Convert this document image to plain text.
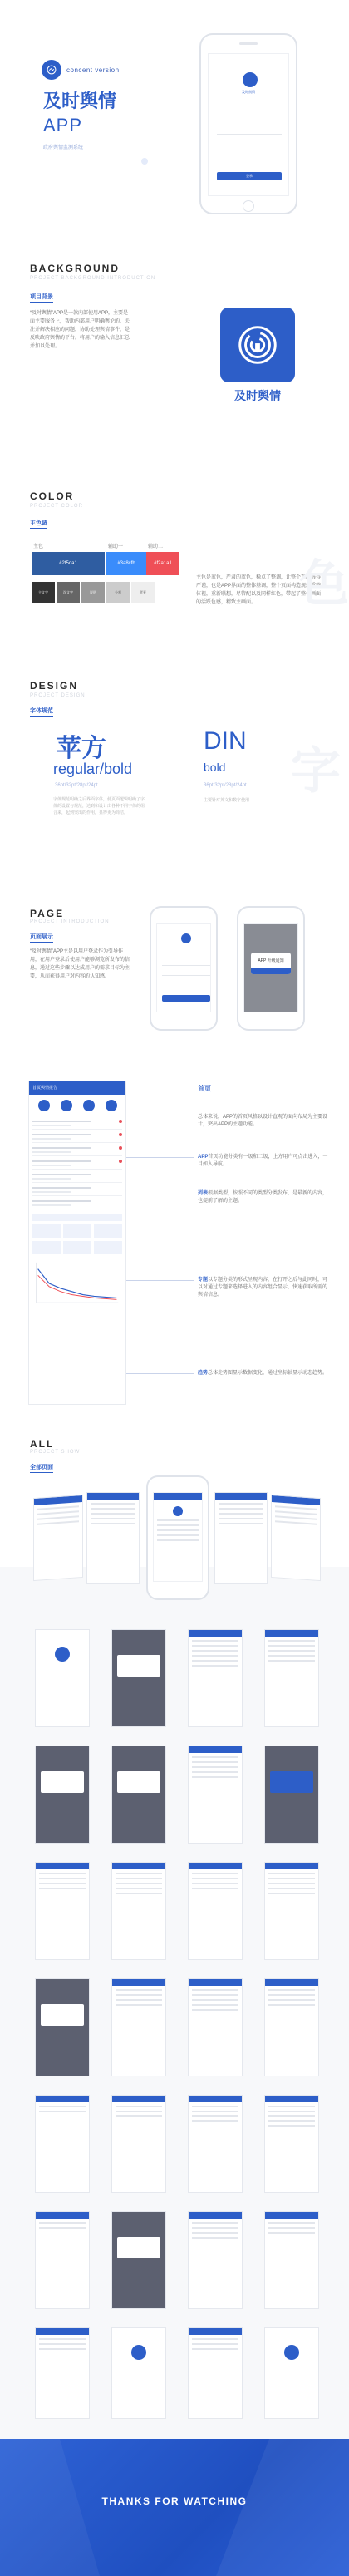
concent version
及时舆情
APP
政府舆情监测系统
及时舆情
登录
BACKGROUND
PROJECT BACKGROUND INTRODUCTION
项目背景
“及时舆情”APP是一款内部使用APP，主要是面主要服务上，帮助内部用户明确舆论的，关注并解决相应的问题，协助处理舆情事件，是反映政府舆情的平台。将用户的输入信息汇总并加以处理。
及时舆情
COLOR
PROJECT COLOR
主色调
主色	辅助一	辅助二
#2f5da1	#3a8cfb	#f2a1a1
主文字	次文字	说明	分割	背景
主色是蓝色，严肃的蓝色，稳点了整调，让整个页面透得严谨，也是APP界面的整体基调，整个页面构造规范重整体视，重新联想，尽管配以及同样红色，带起了整体画面的活跃色感，精致主画面。 色
DESIGN
PROJECT DESIGN
字体规范
苹方
regular/bold
36pt/32pt/28pt/24pt
字体规范明确之后界面字体，使页面逻辑明确了字体的设置与规范，达到和设计出各种不同字体的组合来，起到突出的作用，显得更为简洁。
DIN
bold
36pt/32pt/28pt/24pt
主要针对英文和数字使用 字
PAGE
PROJECT INTRODUCTION
页面展示
“及时舆情”APP主是以用户登录作为引导作用，在用户登录后使用户能够浏览所发布的信息，通过这些步骤以达成用户的需求目标为主要，从而获得用户对内容的认知感。
APP 升级通知
首页舆情报告	首页
总体来说，APP的首页风格以设计直观的面向布局为主要设计，突出APP的主题功能。
APP首页功能分类有一级和二级，上方用户可点击进入，一目如入导航。
列表根据类型，按照不同的类型分类发布，是最新的内容，也提前了解的主题。
专题以专题分类的形式呈现内容，在打开之后与此同时，可以对通过专题来选择进入的内容组合显示，快速获取所需的舆情信息。
趋势总体走势图显示数据变化，通过坐标轴显示动态趋势。
ALL
PROJECT SHOW
全部页面
THANKS FOR WATCHING
